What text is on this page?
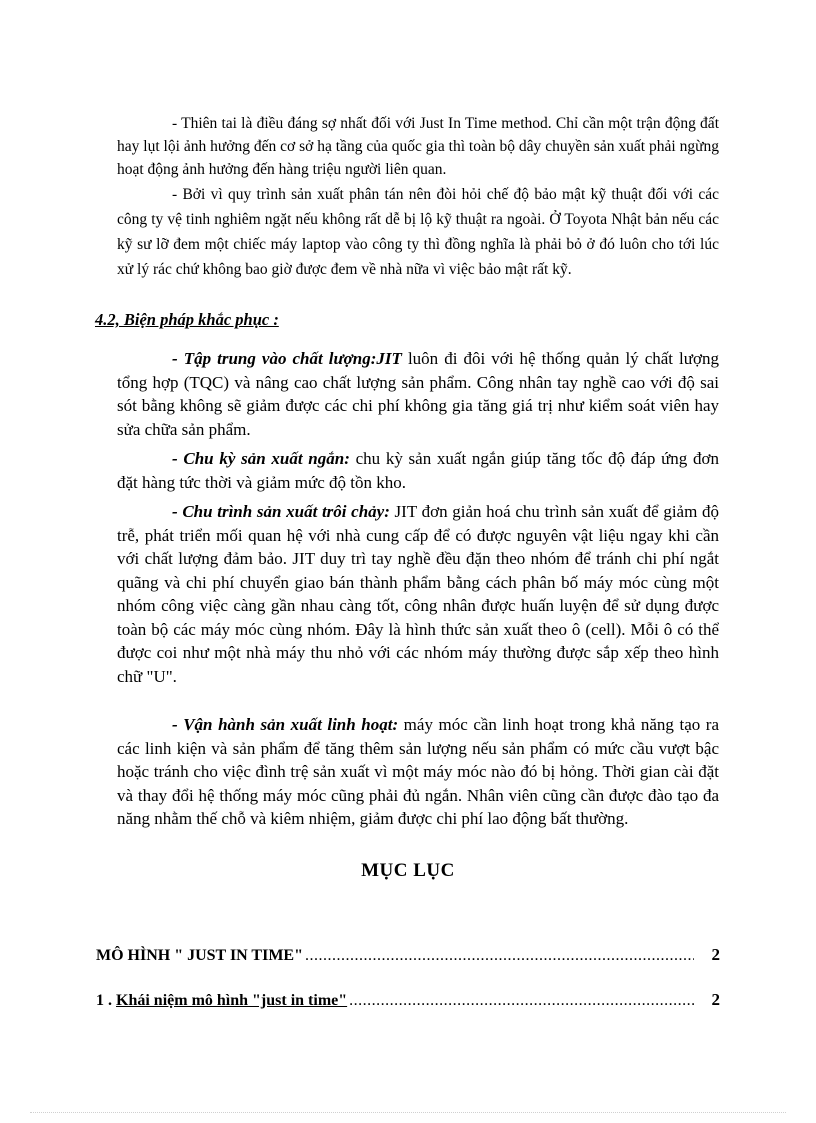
- Thiên tai là điều đáng sợ nhất đối với Just In Time method. Chỉ cần một trận động đất hay lụt lội ảnh hưởng đến cơ sở hạ tầng của quốc gia thì toàn bộ dây chuyền sản xuất phải ngừng hoạt động ảnh hưởng đến hàng triệu người liên quan.

- Bởi vì quy trình sản xuất phân tán nên đòi hỏi chế độ bảo mật kỹ thuật đối với các công ty vệ tinh nghiêm ngặt nếu không rất dễ bị lộ kỹ thuật ra ngoài. Ở Toyota Nhật bản nếu các kỹ sư lỡ đem một chiếc máy laptop vào công ty thì đồng nghĩa là phải bỏ ở đó luôn cho tới lúc xử lý rác chứ không bao giờ được đem về nhà nữa vì việc bảo mật rất kỹ.

4.2, Biện pháp khắc phục :

- Tập trung vào chất lượng:JIT luôn đi đôi với hệ thống quản lý chất lượng tổng hợp (TQC) và nâng cao chất lượng sản phẩm. Công nhân tay nghề cao với độ sai sót bằng không sẽ giảm được các chi phí không gia tăng giá trị như kiểm soát viên hay sửa chữa sản phẩm.

- Chu kỳ sản xuất ngắn: chu kỳ sản xuất ngắn giúp tăng tốc độ đáp ứng đơn đặt hàng tức thời và giảm mức độ tồn kho.

- Chu trình sản xuất trôi chảy: JIT đơn giản hoá chu trình sản xuất để giảm độ trễ, phát triển mối quan hệ với nhà cung cấp để có được nguyên vật liệu ngay khi cần với chất lượng đảm bảo. JIT duy trì tay nghề đều đặn theo nhóm để tránh chi phí ngắt quãng và chi phí chuyển giao bán thành phẩm bằng cách phân bố máy móc cùng một nhóm công việc càng gần nhau càng tốt, công nhân được huấn luyện để sử dụng được toàn bộ các máy móc cùng nhóm. Đây là hình thức sản xuất theo ô (cell). Mỗi ô có thể được coi như một nhà máy thu nhỏ với các nhóm máy thường được sắp xếp theo hình chữ "U".

- Vận hành sản xuất linh hoạt: máy móc cần linh hoạt trong khả năng tạo ra các linh kiện và sản phẩm để tăng thêm sản lượng nếu sản phẩm có mức cầu vượt bậc hoặc tránh cho việc đình trệ sản xuất vì một máy móc nào đó bị hỏng. Thời gian cài đặt và thay đổi hệ thống máy móc cũng phải đủ ngắn. Nhân viên cũng cần được đào tạo đa năng nhằm thế chỗ và kiêm nhiệm, giảm được chi phí lao động bất thường.

MỤC LỤC

MÔ HÌNH " JUST IN TIME" .....	2
1 . Khái niệm mô hình "just in time" .....	2
